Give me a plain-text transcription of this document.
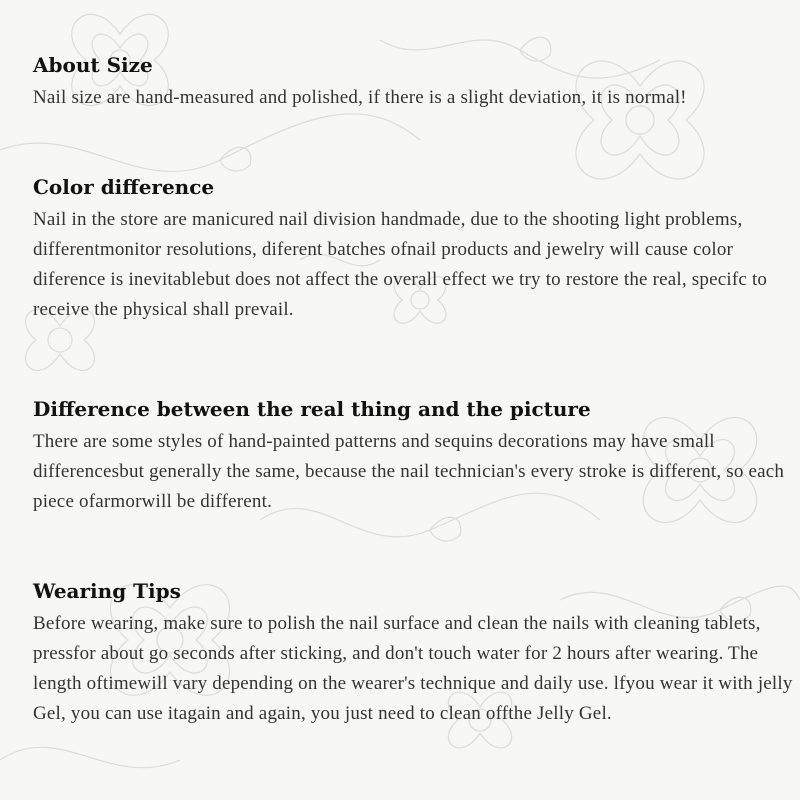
About Size

Nail size are hand-measured and polished, if there is a slight deviation, it is normal!

Color difference

Nail in the store are manicured nail division handmade, due to the shooting light problems, differentmonitor resolutions, diferent batches ofnail products and jewelry will cause color diference is inevitablebut does not affect the overall effect we try to restore the real, specifc to receive the physical shall prevail.

Difference between the real thing and the picture

There are some styles of hand-painted patterns and sequins decorations may have small differencesbut generally the same, because the nail technician's every stroke is different, so each piece ofarmorwill be different.

Wearing Tips

Before wearing, make sure to polish the nail surface and clean the nails with cleaning tablets, pressfor about go seconds after sticking, and don't touch water for 2 hours after wearing. The length oftimewill vary depending on the wearer's technique and daily use. lfyou wear it with jelly Gel, you can use itagain and again, you just need to clean offthe Jelly Gel.
